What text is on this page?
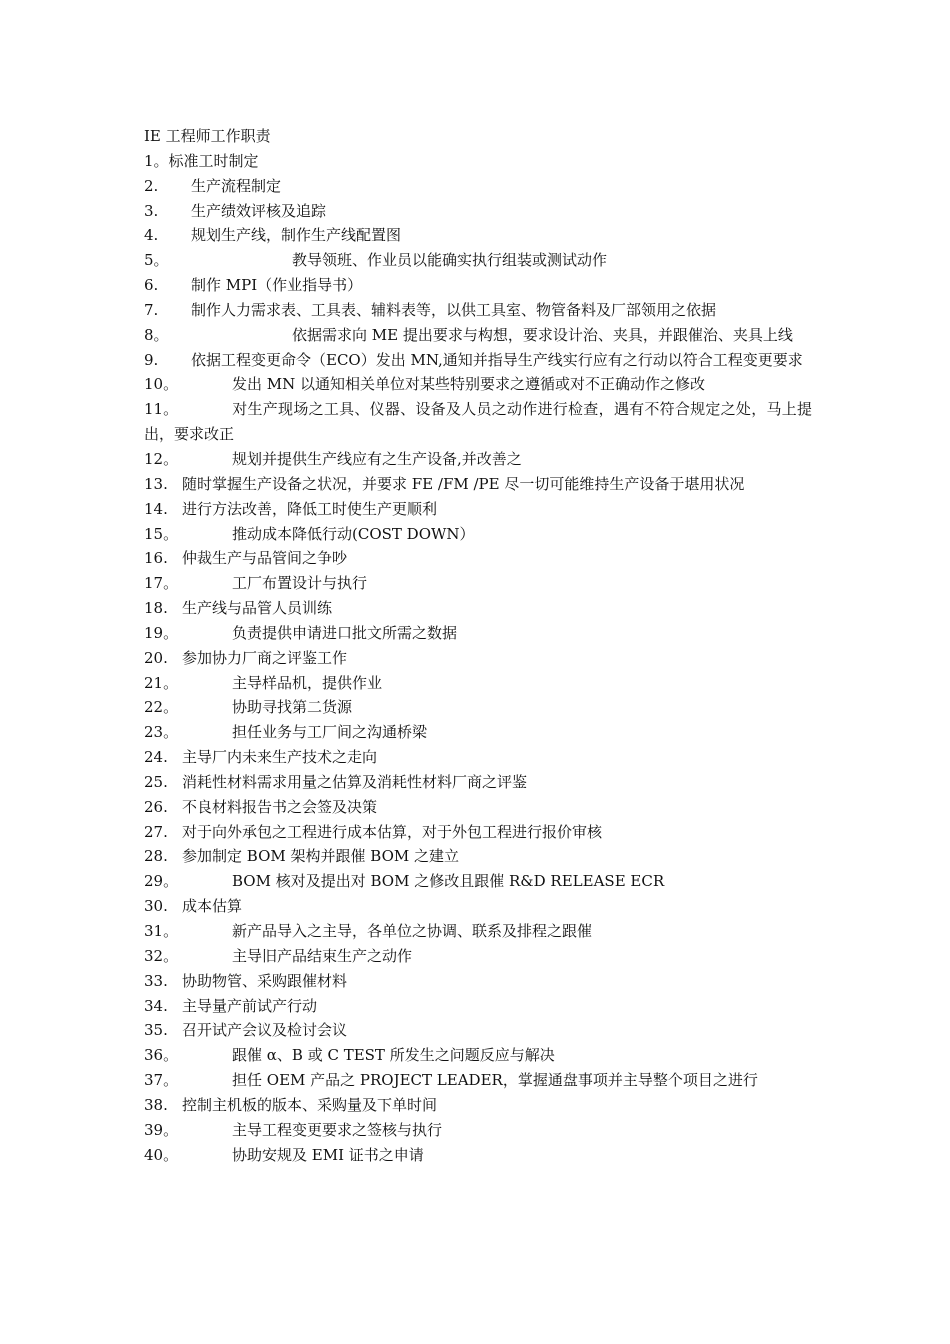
IE 工程师工作职责
1。标准工时制定
2. 生产流程制定
3. 生产绩效评核及追踪
4. 规划生产线，制作生产线配置图
5。	教导领班、作业员以能确实执行组装或测试动作
6. 制作 MPI（作业指导书）
7. 制作人力需求表、工具表、辅料表等，以供工具室、物管备料及厂部领用之依据
8。	依据需求向 ME 提出要求与构想，要求设计治、夹具，并跟催治、夹具上线
9. 依据工程变更命令（ECO）发出 MN,通知并指导生产线实行应有之行动以符合工程变更要求
10。	发出 MN 以通知相关单位对某些特别要求之遵循或对不正确动作之修改
11。	对生产现场之工具、仪器、设备及人员之动作进行检查，遇有不符合规定之处，马上提出，要求改正
12。	规划并提供生产线应有之生产设备,并改善之
13. 随时掌握生产设备之状况，并要求 FE /FM /PE 尽一切可能维持生产设备于堪用状况
14. 进行方法改善，降低工时使生产更顺利
15。	推动成本降低行动(COST DOWN）
16. 仲裁生产与品管间之争吵
17。	工厂布置设计与执行
18. 生产线与品管人员训练
19。	负责提供申请进口批文所需之数据
20. 参加协力厂商之评鉴工作
21。	主导样品机，提供作业
22。	协助寻找第二货源
23。	担任业务与工厂间之沟通桥梁
24. 主导厂内未来生产技术之走向
25. 消耗性材料需求用量之估算及消耗性材料厂商之评鉴
26. 不良材料报告书之会签及决策
27. 对于向外承包之工程进行成本估算，对于外包工程进行报价审核
28. 参加制定 BOM 架构并跟催 BOM 之建立
29。	BOM 核对及提出对 BOM 之修改且跟催 R&D RELEASE ECR
30. 成本估算
31。	新产品导入之主导，各单位之协调、联系及排程之跟催
32。	主导旧产品结束生产之动作
33. 协助物管、采购跟催材料
34. 主导量产前试产行动
35. 召开试产会议及检讨会议
36。	跟催 α、B 或 C TEST 所发生之问题反应与解决
37。	担任 OEM 产品之 PROJECT LEADER，掌握通盘事项并主导整个项目之进行
38. 控制主机板的版本、采购量及下单时间
39。	主导工程变更要求之签核与执行
40。	协助安规及 EMI 证书之申请
